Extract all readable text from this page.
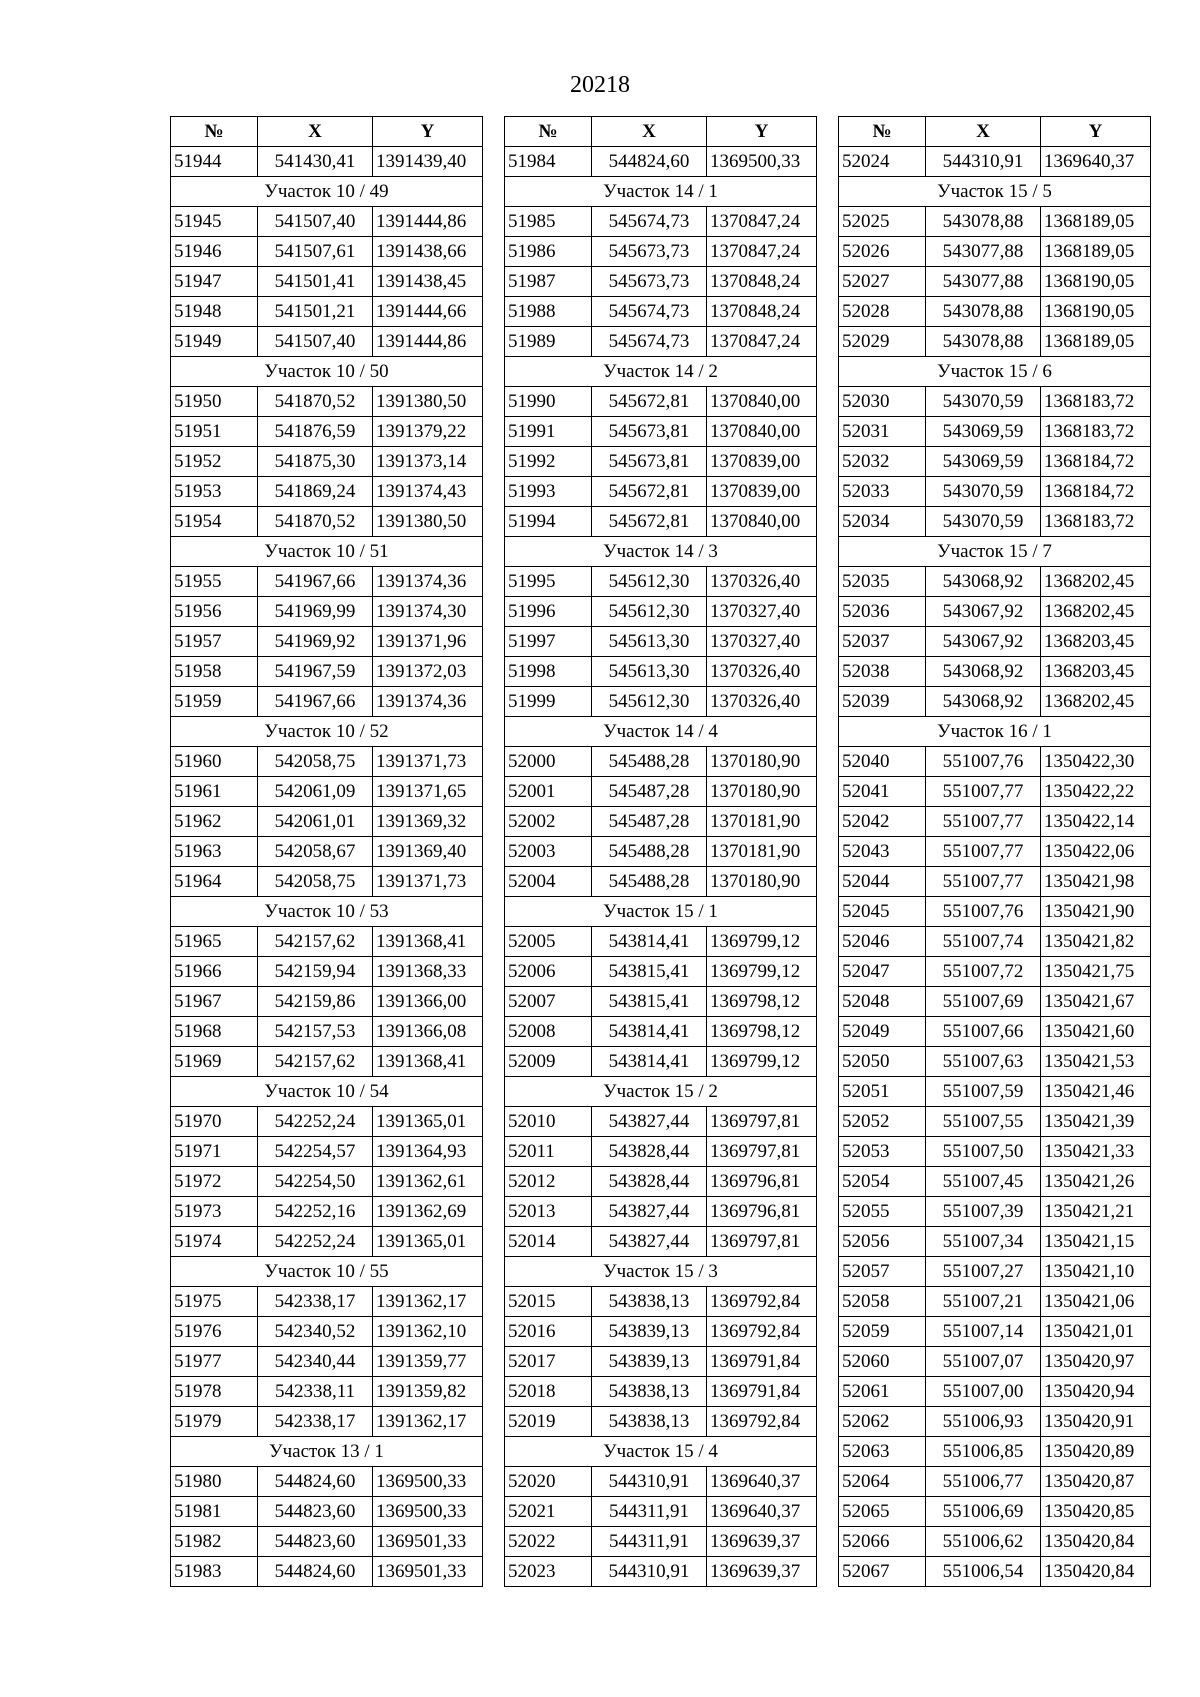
20218
№	X	Y
51944	541430,41	1391439,40
Участок 10 / 49		
51945	541507,40	1391444,86
51946	541507,61	1391438,66
51947	541501,41	1391438,45
51948	541501,21	1391444,66
51949	541507,40	1391444,86
Участок 10 / 50		
51950	541870,52	1391380,50
51951	541876,59	1391379,22
51952	541875,30	1391373,14
51953	541869,24	1391374,43
51954	541870,52	1391380,50
Участок 10 / 51		
51955	541967,66	1391374,36
51956	541969,99	1391374,30
51957	541969,92	1391371,96
51958	541967,59	1391372,03
51959	541967,66	1391374,36
Участок 10 / 52		
51960	542058,75	1391371,73
51961	542061,09	1391371,65
51962	542061,01	1391369,32
51963	542058,67	1391369,40
51964	542058,75	1391371,73
Участок 10 / 53		
51965	542157,62	1391368,41
51966	542159,94	1391368,33
51967	542159,86	1391366,00
51968	542157,53	1391366,08
51969	542157,62	1391368,41
Участок 10 / 54		
51970	542252,24	1391365,01
51971	542254,57	1391364,93
51972	542254,50	1391362,61
51973	542252,16	1391362,69
51974	542252,24	1391365,01
Участок 10 / 55		
51975	542338,17	1391362,17
51976	542340,52	1391362,10
51977	542340,44	1391359,77
51978	542338,11	1391359,82
51979	542338,17	1391362,17
Участок 13 / 1		
51980	544824,60	1369500,33
51981	544823,60	1369500,33
51982	544823,60	1369501,33
51983	544824,60	1369501,33
№	X	Y
51984	544824,60	1369500,33
Участок 14 / 1		
51985	545674,73	1370847,24
51986	545673,73	1370847,24
51987	545673,73	1370848,24
51988	545674,73	1370848,24
51989	545674,73	1370847,24
Участок 14 / 2		
51990	545672,81	1370840,00
51991	545673,81	1370840,00
51992	545673,81	1370839,00
51993	545672,81	1370839,00
51994	545672,81	1370840,00
Участок 14 / 3		
51995	545612,30	1370326,40
51996	545612,30	1370327,40
51997	545613,30	1370327,40
51998	545613,30	1370326,40
51999	545612,30	1370326,40
Участок 14 / 4		
52000	545488,28	1370180,90
52001	545487,28	1370180,90
52002	545487,28	1370181,90
52003	545488,28	1370181,90
52004	545488,28	1370180,90
Участок 15 / 1		
52005	543814,41	1369799,12
52006	543815,41	1369799,12
52007	543815,41	1369798,12
52008	543814,41	1369798,12
52009	543814,41	1369799,12
Участок 15 / 2		
52010	543827,44	1369797,81
52011	543828,44	1369797,81
52012	543828,44	1369796,81
52013	543827,44	1369796,81
52014	543827,44	1369797,81
Участок 15 / 3		
52015	543838,13	1369792,84
52016	543839,13	1369792,84
52017	543839,13	1369791,84
52018	543838,13	1369791,84
52019	543838,13	1369792,84
Участок 15 / 4		
52020	544310,91	1369640,37
52021	544311,91	1369640,37
52022	544311,91	1369639,37
52023	544310,91	1369639,37
№	X	Y
52024	544310,91	1369640,37
Участок 15 / 5		
52025	543078,88	1368189,05
52026	543077,88	1368189,05
52027	543077,88	1368190,05
52028	543078,88	1368190,05
52029	543078,88	1368189,05
Участок 15 / 6		
52030	543070,59	1368183,72
52031	543069,59	1368183,72
52032	543069,59	1368184,72
52033	543070,59	1368184,72
52034	543070,59	1368183,72
Участок 15 / 7		
52035	543068,92	1368202,45
52036	543067,92	1368202,45
52037	543067,92	1368203,45
52038	543068,92	1368203,45
52039	543068,92	1368202,45
Участок 16 / 1		
52040	551007,76	1350422,30
52041	551007,77	1350422,22
52042	551007,77	1350422,14
52043	551007,77	1350422,06
52044	551007,77	1350421,98
52045	551007,76	1350421,90
52046	551007,74	1350421,82
52047	551007,72	1350421,75
52048	551007,69	1350421,67
52049	551007,66	1350421,60
52050	551007,63	1350421,53
52051	551007,59	1350421,46
52052	551007,55	1350421,39
52053	551007,50	1350421,33
52054	551007,45	1350421,26
52055	551007,39	1350421,21
52056	551007,34	1350421,15
52057	551007,27	1350421,10
52058	551007,21	1350421,06
52059	551007,14	1350421,01
52060	551007,07	1350420,97
52061	551007,00	1350420,94
52062	551006,93	1350420,91
52063	551006,85	1350420,89
52064	551006,77	1350420,87
52065	551006,69	1350420,85
52066	551006,62	1350420,84
52067	551006,54	1350420,84
